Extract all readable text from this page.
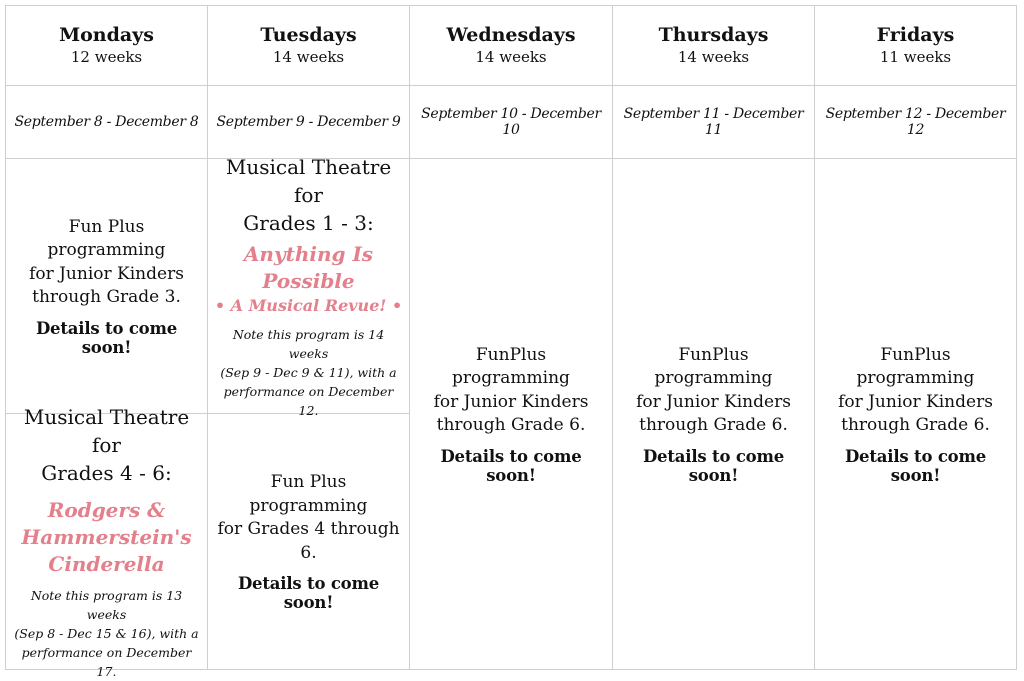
Mondays
12 weeks
Tuesdays
14 weeks
Wednesdays
14 weeks
Thursdays
14 weeks
Fridays
11 weeks
September 8 - December 8 September 9 - December 9	September 10 - December 10
September 11 - December 11
September 12 - December 12
Fun Plus programming
for Junior Kinders
through Grade 3.
Details to come soon!
Musical Theatre for
Grades 1 - 3:
Anything Is Possible
• A Musical Revue! •
Note this program is 14 weeks
(Sep 9 - Dec 9 & 11), with a
performance on December 12.
FunPlus programming
for Junior Kinders
through Grade 6.
Details to come soon!
FunPlus programming
for Junior Kinders
through Grade 6.
Details to come soon!
FunPlus programming
for Junior Kinders
through Grade 6.
Details to come soon!
Musical Theatre for
Grades 4 - 6:
Rodgers &
Hammerstein's
Cinderella
Note this program is 13 weeks
(Sep 8 - Dec 15 & 16), with a
performance on December 17.
Fun Plus programming
for Grades 4 through 6.
Details to come soon!
